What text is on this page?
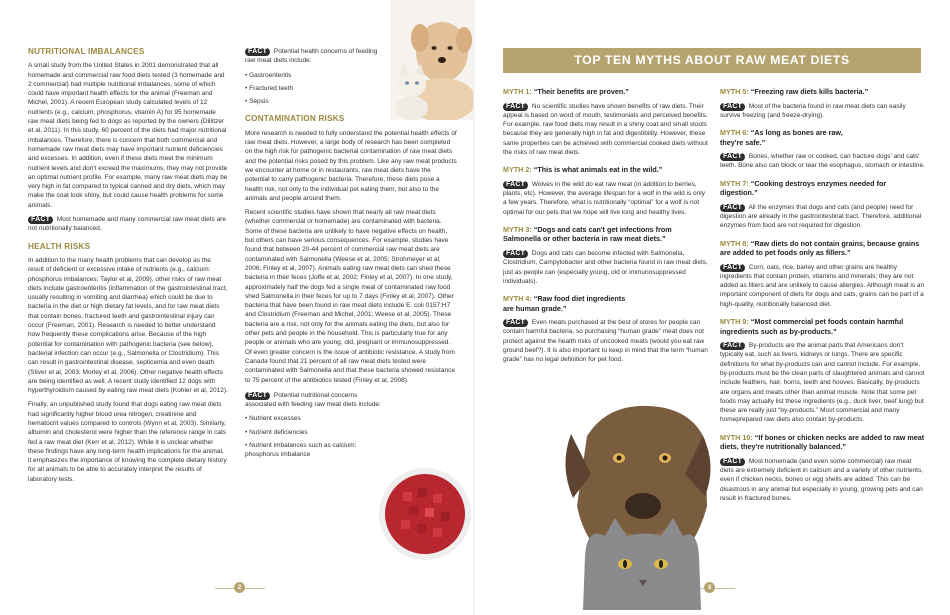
NUTRITIONAL IMBALANCES

A small study from the United States in 2001 demonstrated that all homemade and commercial raw food diets tested (3 homemade and 2 commercial) had multiple nutritional imbalances, some of which could have important health effects for the animal (Freeman and Michel, 2001). A recent European study calculated levels of 12 nutrients (e.g., calcium, phosphorus, vitamin A) for 95 homemade raw meat diets being fed to dogs as reported by the owners (Dillitzer et al. 2011). In this study, 60 percent of the diets had major nutritional imbalances. Therefore, there is concern that both commercial and homemade raw meat diets may have important nutrient deficiencies and excesses. In addition, even if these diets meet the minimum nutrient levels and don't exceed the maximums, they may not provide an optimal nutrient profile. For example, many raw meat diets may be very high in fat compared to typical canned and dry diets, which may make the coat look shiny, but could cause health problems for some animals.

FACT Most homemade and many commercial raw meat diets are not nutritionally balanced.

HEALTH RISKS

In addition to the many health problems that can develop as the result of deficient or excessive intake of nutrients (e.g., calcium: phosphorus imbalances; Taylor et al, 2009), other risks of raw meat diets include gastroenteritis (inflammation of the gastrointestinal tract, usually resulting in vomiting and diarrhea) which could be due to bacteria in the diet or high dietary fat levels, and for raw meat diets that contain bones, fractured teeth and gastrointestinal injury can occur (Freeman, 2001). Research is needed to better understand how frequently these complications arise. Because of the high potential for contamination with pathogenic bacteria (see below), bacterial infection can occur (e.g., Salmonella or Clostridium). This can result in gastrointestinal disease, septicemia and even death (Stiver et al, 2003; Morley et al, 2006). Other negative health effects are being identified as well. A recent study identified 12 dogs with hyperthyroidism caused by eating raw meat diets (Kohler et al, 2012).

Finally, an unpublished study found that dogs eating raw meat diets had significantly higher blood urea nitrogen, creatinine and hematocrit values compared to controls (Wynn et al, 2003). Similarly, albumin and cholesterol were higher than the reference range in cats fed a raw meat diet (Kerr et al, 2012). While it is unclear whether these findings have any long-term health implications for the animal, it emphasizes the importance of knowing the complete dietary history for all animals to be able to accurately interpret the results of laboratory tests.

FACT Potential health concerns of feeding raw meat diets include:

• Gastroenteritis
• Fractured teeth
• Sepsis
CONTAMINATION RISKS

More research is needed to fully understand the potential health effects of raw meat diets. However, a large body of research has been completed on the high risk for pathogenic bacterial contamination of raw meat diets and the potential risks posed by this problem. Like any raw meat products we encounter at home or in restaurants, raw meat diets have the potential to carry pathogenic bacteria. Therefore, these diets pose a health risk, not only to the individual pet eating them, but also to the animals and people around them.

Recent scientific studies have shown that nearly all raw meat diets (whether commercial or homemade) are contaminated with bacteria. Some of these bacteria are unlikely to have negative effects on health, but others can have serious consequences. For example, studies have found that between 20-44 percent of commercial raw meat diets are contaminated with Salmonella (Weese et al, 2005; Strohmeyer et al, 2006; Finley et al, 2007). Animals eating raw meat diets can shed these bacteria in their feces (Joffe et al, 2002; Finley et al, 2007). In one study, approximately half the dogs fed a single meal of contaminated raw food shed Salmonella in their feces for up to 7 days (Finley et al, 2007). Other bacteria that have been found in raw meat diets include E. coli 0157:H7 and Clostridium (Freeman and Michel, 2001; Weese et al, 2005). These bacteria are a risk, not only for the animals eating the diets, but also for other pets and people in the household. This is particularly true for any people or animals who are young, old, pregnant or immunosuppressed. Of even greater concern is the issue of antibiotic resistance. A study from Canada found that 21 percent of all raw meat diets tested were contaminated with Salmonella and that these bacteria showed resistance to 75 percent of the antibiotics tested (Finley et al, 2008).

FACT Potential nutritional concerns associated with feeding raw meat diets include:

• Nutrient excesses
• Nutrient deficiencies
• Nutrient imbalances such as calcium: phosphorus imbalance
2	3
TOP TEN MYTHS ABOUT RAW MEAT DIETS

MYTH 1: “Their benefits are proven.”

FACT No scientific studies have shown benefits of raw diets. Their appeal is based on word of mouth, testimonials and perceived benefits. For example, raw food diets may result in a shiny coat and small stools because they are generally high in fat and digestibility. However, these same properties can be achieved with commercial cooked diets without the risks of raw meat diets.

MYTH 2: “This is what animals eat in the wild.”

FACT Wolves in the wild do eat raw meat (in addition to berries, plants, etc). However, the average lifespan for a wolf in the wild is only a few years. Therefore, what is nutritionally “optimal” for a wolf is not optimal for our pets that we hope will live long and healthy lives.

MYTH 3: “Dogs and cats can't get infections from Salmonella or other bacteria in raw meat diets.”

FACT Dogs and cats can become infected with Salmonella, Clostridium, Campylobacter and other bacteria found in raw meat diets, just as people can (especially young, old or immunosuppressed individuals).

MYTH 4: “Raw food diet ingredients are human grade.”

FACT Even meats purchased at the best of stores for people can contain harmful bacteria, so purchasing “human grade” meat does not protect against the health risks of uncooked meats (would you eat raw ground beef?). It is also important to keep in mind that the term “human grade” has no legal definition for pet food.

MYTH 5: “Freezing raw diets kills bacteria.”

FACT Most of the bacteria found in raw meat diets can easily survive freezing (and freeze-drying).

MYTH 6: “As long as bones are raw, they're safe.”

FACT Bones, whether raw or cooked, can fracture dogs' and cats' teeth. Bone also can block or tear the esophagus, stomach or intestine.

MYTH 7: “Cooking destroys enzymes needed for digestion.”

FACT All the enzymes that dogs and cats (and people) need for digestion are already in the gastrointestinal tract. Therefore, additional enzymes from food are not required for digestion.

MYTH 8: “Raw diets do not contain grains, because grains are added to pet foods only as fillers.”

FACT Corn, oats, rice, barley and other grains are healthy ingredients that contain protein, vitamins and minerals; they are not added as fillers and are unlikely to cause allergies. Although meat is an important component of diets for dogs and cats, grains can be part of a high-quality, nutritionally balanced diet.

MYTH 9: “Most commercial pet foods contain harmful ingredients such as by-products.”

FACT By-products are the animal parts that Americans don't typically eat, such as livers, kidneys or lungs. There are specific definitions for what by-products can and cannot include. For example, by-products must be the clean parts of slaughtered animals and cannot include feathers, hair, horns, teeth and hooves. Basically, by-products are organs and meats other than animal muscle. Note that some pet foods may actually list these ingredients (e.g., duck liver, beef lung) but these are really just “by-products.” Most commercial and many homeprepared raw diets also contain by-products.

MYTH 10: “If bones or chicken necks are added to raw meat diets, they're nutritionally balanced.”

FACT Most homemade (and even some commercial) raw meat diets are extremely deficient in calcium and a variety of other nutrients, even if chicken necks, bones or egg shells are added. This can be disastrous in any animal but especially in young, growing pets and can result in fractured bones.
